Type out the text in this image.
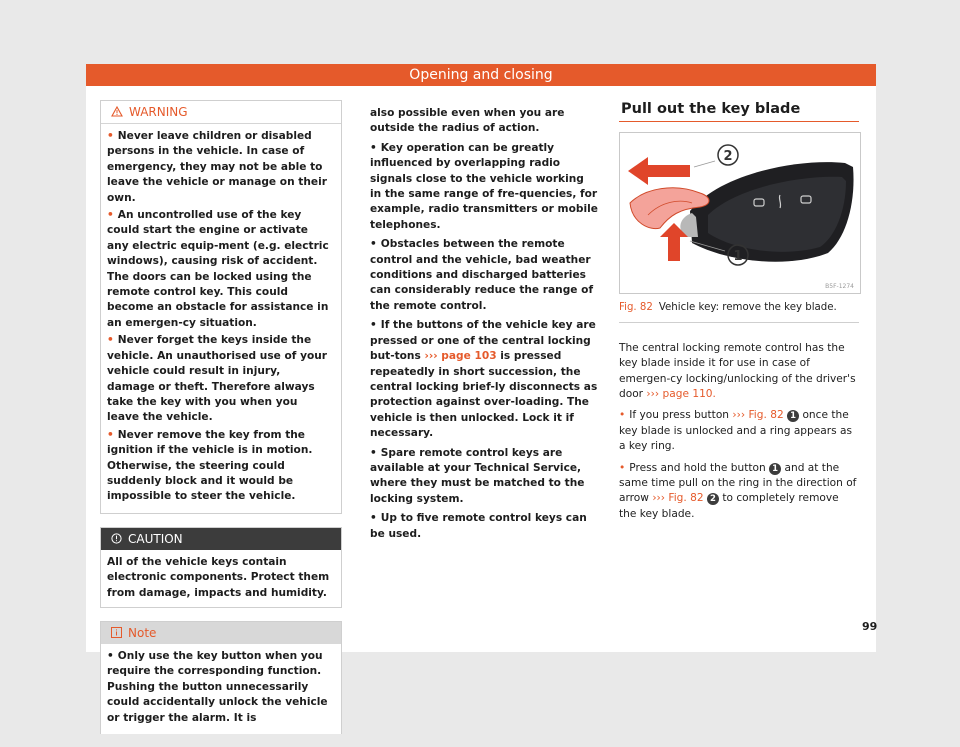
Opening and closing
WARNING
• Never leave children or disabled persons in the vehicle. In case of emergency, they may not be able to leave the vehicle or manage on their own.
• An uncontrolled use of the key could start the engine or activate any electric equip-ment (e.g. electric windows), causing risk of accident. The doors can be locked using the remote control key. This could become an obstacle for assistance in an emergen-cy situation.
• Never forget the keys inside the vehicle. An unauthorised use of your vehicle could result in injury, damage or theft. Therefore always take the key with you when you leave the vehicle.
• Never remove the key from the ignition if the vehicle is in motion. Otherwise, the steering could suddenly block and it would be impossible to steer the vehicle.
CAUTION
All of the vehicle keys contain electronic components. Protect them from damage, impacts and humidity.
Note
• Only use the key button when you require the corresponding function. Pushing the button unnecessarily could accidentally unlock the vehicle or trigger the alarm. It is
also possible even when you are outside the radius of action.
• Key operation can be greatly influenced by overlapping radio signals close to the vehicle working in the same range of fre-quencies, for example, radio transmitters or mobile telephones.
• Obstacles between the remote control and the vehicle, bad weather conditions and discharged batteries can considerably reduce the range of the remote control.
• If the buttons of the vehicle key are pressed or one of the central locking but-tons ››› page 103 is pressed repeatedly in short succession, the central locking brief-ly disconnects as protection against over-loading. The vehicle is then unlocked. Lock it if necessary.
• Spare remote control keys are available at your Technical Service, where they must be matched to the locking system.
• Up to five remote control keys can be used.
Pull out the key blade
2
1
B5F-1274
Fig. 82 Vehicle key: remove the key blade.

The central locking remote control has the key blade inside it for use in case of emergen-cy locking/unlocking of the driver's door ››› page 110.

• If you press button ››› Fig. 82 1 once the key blade is unlocked and a ring appears as a key ring.

• Press and hold the button 1 and at the same time pull on the ring in the direction of arrow ››› Fig. 82 2 to completely remove the key blade.

99
